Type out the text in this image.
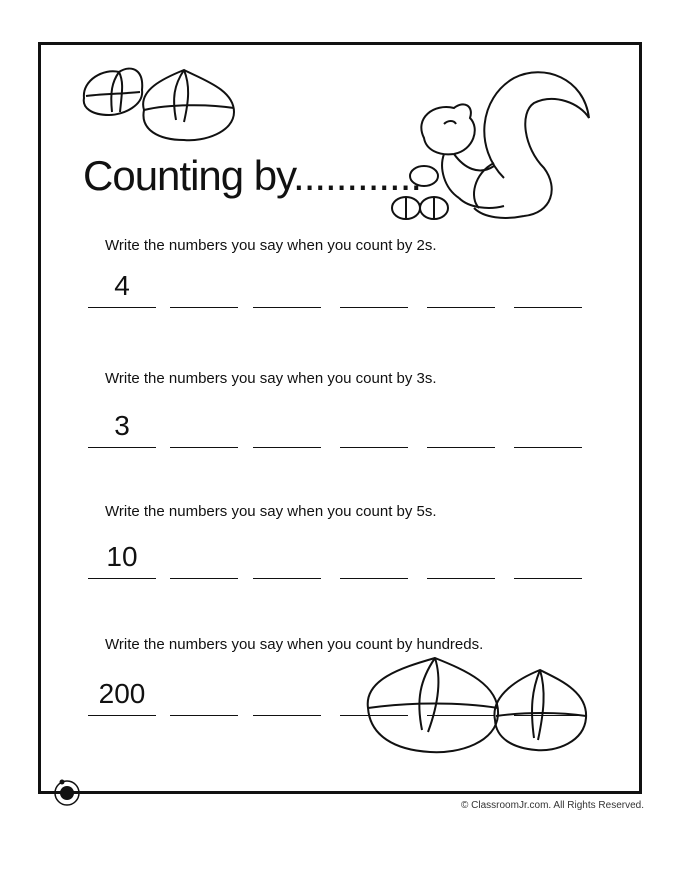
Counting by............
Write the numbers you say when you count by 2s.
4
Write the numbers you say when you count by 3s.
3
Write the numbers you say when you count by 5s.
10
Write the numbers you say when you count by hundreds.
200
© ClassroomJr.com. All Rights Reserved.
